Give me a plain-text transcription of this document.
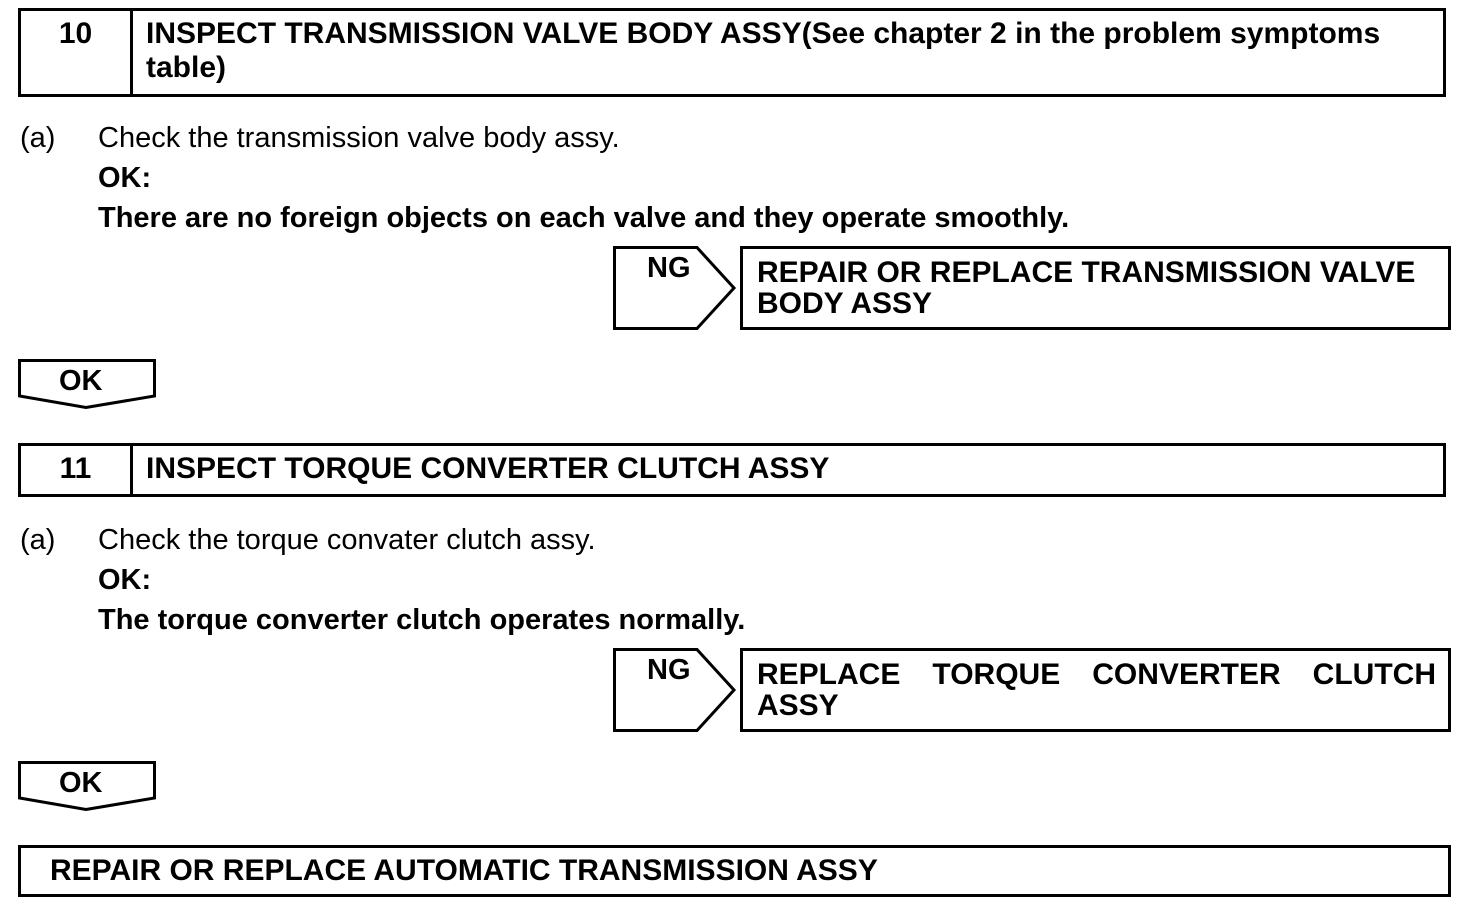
10	INSPECT TRANSMISSION VALVE BODY ASSY(See chapter 2 in the problem symptoms table)
(a) Check the transmission valve body assy.
OK:
There are no foreign objects on each valve and they operate smoothly.
NG	REPAIR OR REPLACE TRANSMISSION VALVE BODY ASSY
OK
11	INSPECT TORQUE CONVERTER CLUTCH ASSY
(a) Check the torque convater clutch assy.
OK:
The torque converter clutch operates normally.
NG	REPLACE TORQUE CONVERTER CLUTCH ASSY
OK
REPAIR OR REPLACE AUTOMATIC TRANSMISSION ASSY
